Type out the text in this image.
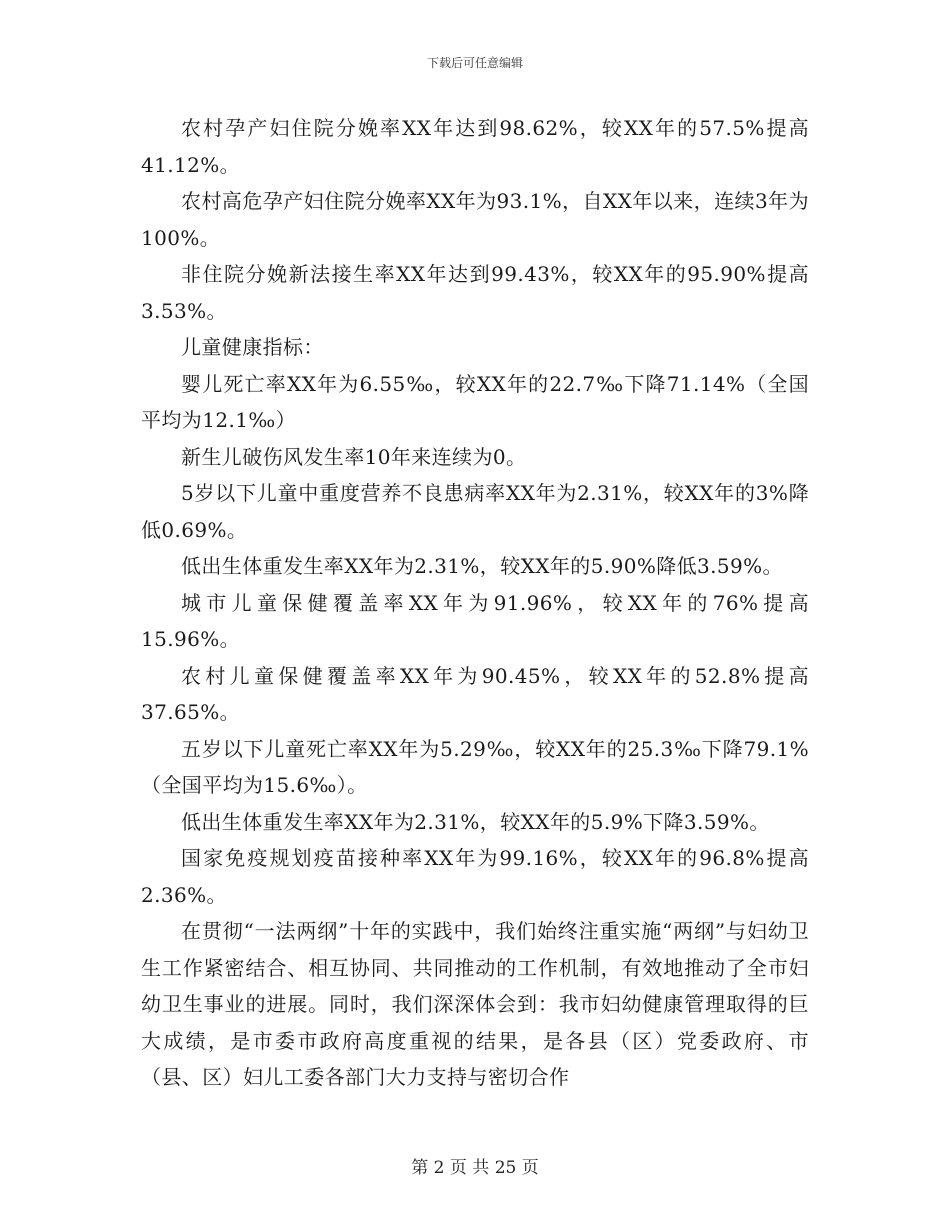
下载后可任意编辑

农村孕产妇住院分娩率XX年达到98.62%，较XX年的57.5%提高41.12%。

农村高危孕产妇住院分娩率XX年为93.1%，自XX年以来，连续3年为100%。

非住院分娩新法接生率XX年达到99.43%，较XX年的95.90%提高3.53%。

儿童健康指标：

婴儿死亡率XX年为6.55‰，较XX年的22.7‰下降71.14%（全国平均为12.1‰）

新生儿破伤风发生率10年来连续为0。

5岁以下儿童中重度营养不良患病率XX年为2.31%，较XX年的3%降低0.69%。

低出生体重发生率XX年为2.31%，较XX年的5.90%降低3.59%。

城市儿童保健覆盖率XX年为91.96%，较XX年的76%提高15.96%。

农村儿童保健覆盖率XX年为90.45%，较XX年的52.8%提高37.65%。

五岁以下儿童死亡率XX年为5.29‰，较XX年的25.3‰下降79.1%（全国平均为15.6‰）。

低出生体重发生率XX年为2.31%，较XX年的5.9%下降3.59%。

国家免疫规划疫苗接种率XX年为99.16%，较XX年的96.8%提高2.36%。

在贯彻“一法两纲”十年的实践中，我们始终注重实施“两纲”与妇幼卫生工作紧密结合、相互协同、共同推动的工作机制，有效地推动了全市妇幼卫生事业的进展。同时，我们深深体会到：我市妇幼健康管理取得的巨大成绩，是市委市政府高度重视的结果，是各县（区）党委政府、市（县、区）妇儿工委各部门大力支持与密切合作

第 2 页 共 25 页
